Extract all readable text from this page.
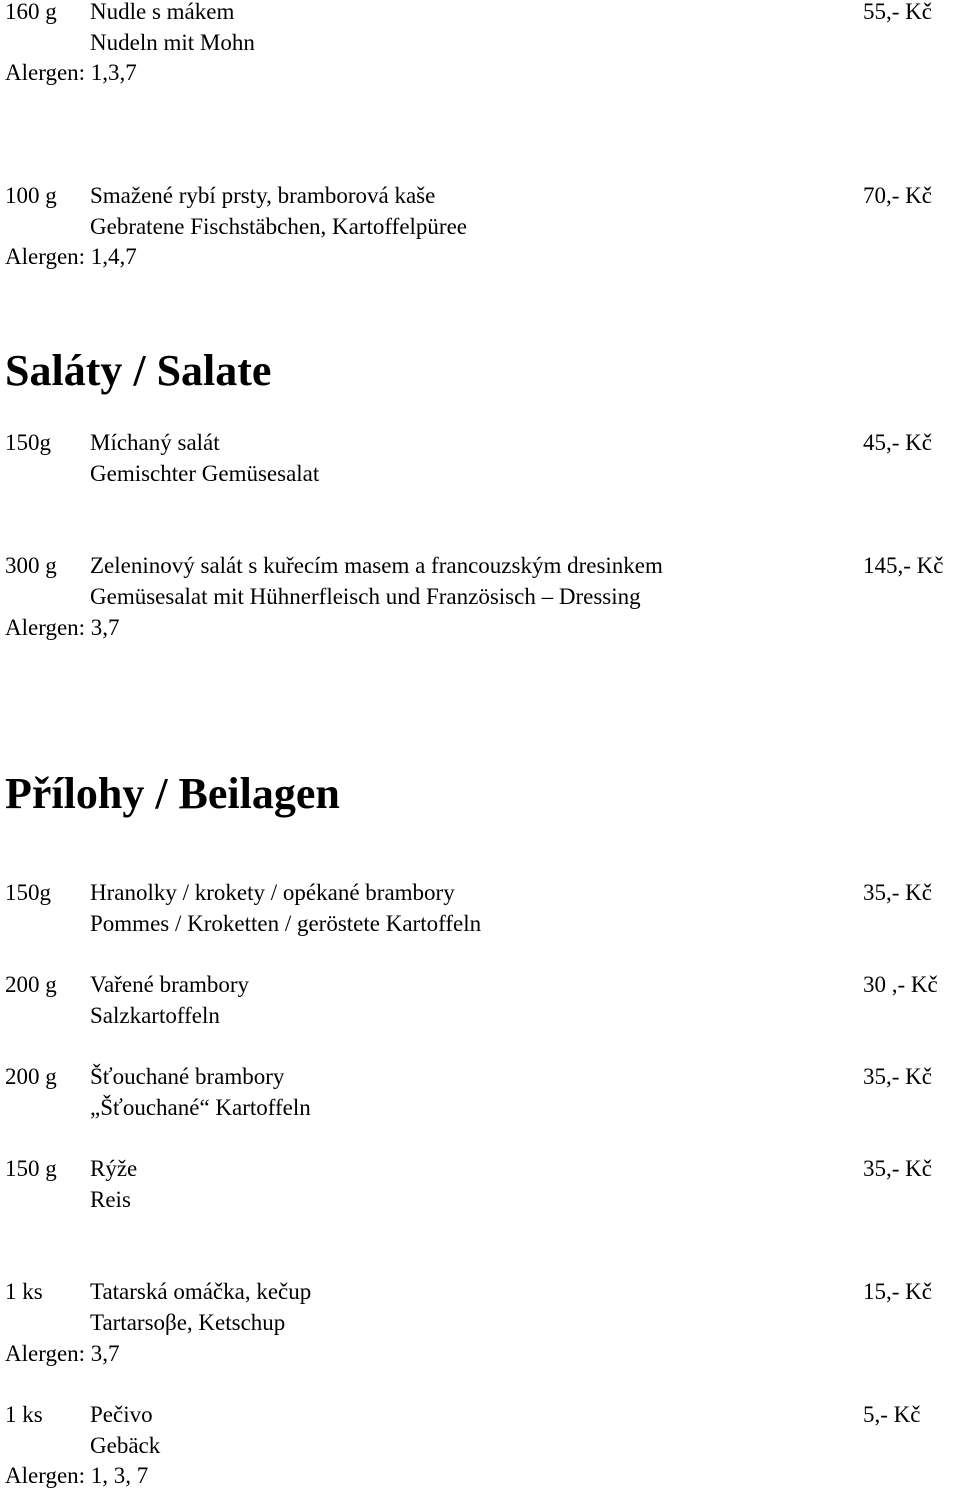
160 g Nudle s mákem	55,- Kč
Nudeln mit Mohn
Alergen: 1,3,7
100 g Smažené rybí prsty, bramborová kaše	70,- Kč
Gebratene Fischstäbchen, Kartoffelpüree
Alergen: 1,4,7
Saláty / Salate
150g Míchaný salát	45,- Kč
Gemischter Gemüsesalat
300 g Zeleninový salát s kuřecím masem a francouzským dresinkem	145,- Kč
Gemüsesalat mit Hühnerfleisch und Französisch – Dressing
Alergen: 3,7
Přílohy / Beilagen
150g Hranolky / krokety / opékané brambory	35,- Kč
Pommes / Kroketten / geröstete Kartoffeln
200 g Vařené brambory	30 ,- Kč
Salzkartoffeln
200 g Šťouchané brambory	35,- Kč
„Šťouchané“ Kartoffeln
150 g Rýže	35,- Kč
Reis
1 ks Tatarská omáčka, kečup	15,- Kč
Tartarsoβe, Ketschup
Alergen: 3,7
1 ks Pečivo	5,- Kč
Gebäck
Alergen: 1, 3, 7
